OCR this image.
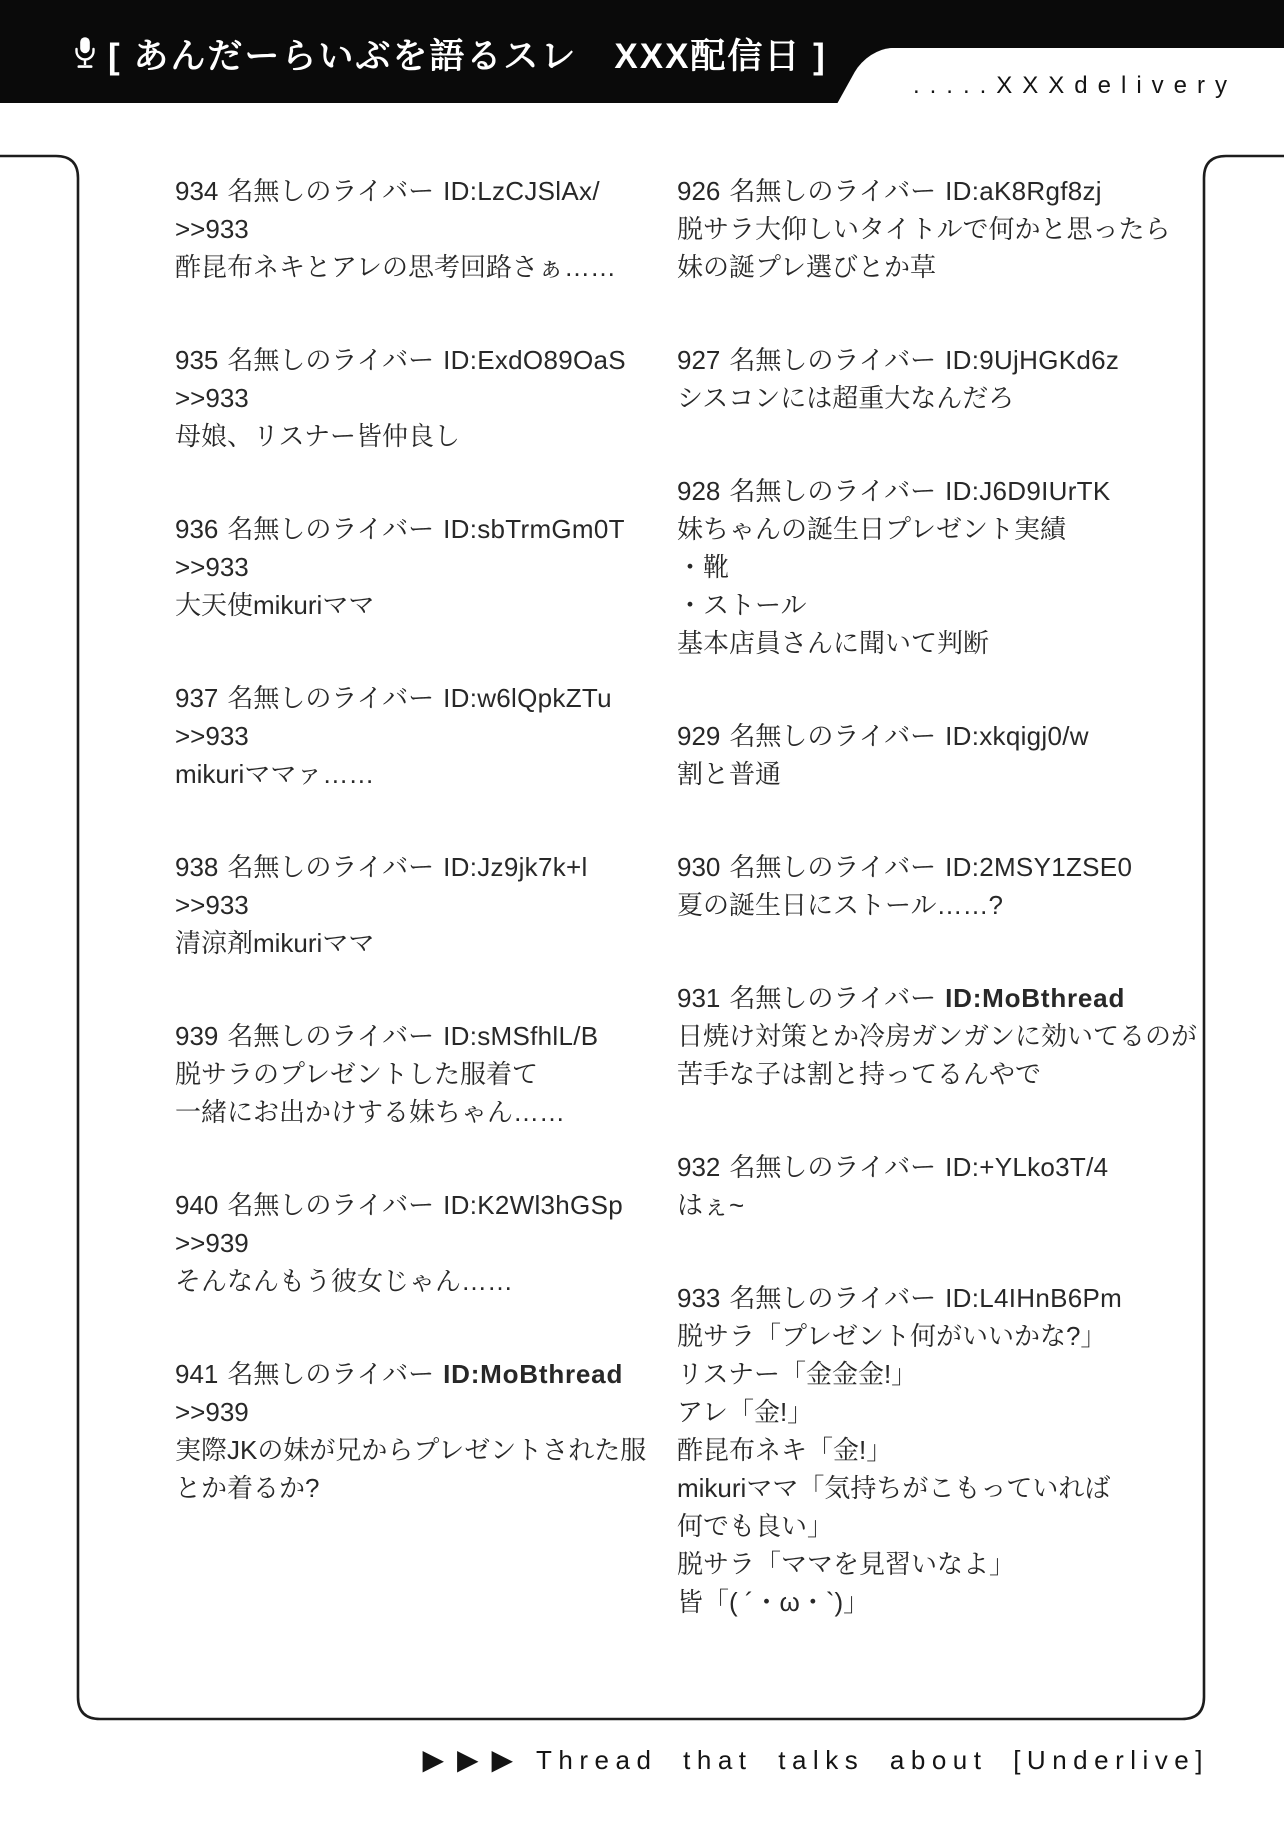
[ あんだーらいぶを語るスレ　XXX配信日 ]
.....XXXdelivery
934 名無しのライバー ID:LzCJSlAx/
>>933
酢昆布ネキとアレの思考回路さぁ……
935 名無しのライバー ID:ExdO89OaS
>>933
母娘、リスナー皆仲良し
936 名無しのライバー ID:sbTrmGm0T
>>933
大天使mikuriママ
937 名無しのライバー ID:w6lQpkZTu
>>933
mikuriママァ……
938 名無しのライバー ID:Jz9jk7k+l
>>933
清涼剤mikuriママ
939 名無しのライバー ID:sMSfhlL/B
脱サラのプレゼントした服着て
一緒にお出かけする妹ちゃん……
940 名無しのライバー ID:K2Wl3hGSp
>>939
そんなんもう彼女じゃん……
941 名無しのライバー ID:MoBthread
>>939
実際JKの妹が兄からプレゼントされた服
とか着るか?
926 名無しのライバー ID:aK8Rgf8zj
脱サラ大仰しいタイトルで何かと思ったら
妹の誕プレ選びとか草
927 名無しのライバー ID:9UjHGKd6z
シスコンには超重大なんだろ
928 名無しのライバー ID:J6D9IUrTK
妹ちゃんの誕生日プレゼント実績
・靴
・ストール
基本店員さんに聞いて判断
929 名無しのライバー ID:xkqigj0/w
割と普通
930 名無しのライバー ID:2MSY1ZSE0
夏の誕生日にストール……?
931 名無しのライバー ID:MoBthread
日焼け対策とか冷房ガンガンに効いてるのが
苦手な子は割と持ってるんやで
932 名無しのライバー ID:+YLko3T/4
はぇ~
933 名無しのライバー ID:L4IHnB6Pm
脱サラ「プレゼント何がいいかな?」
リスナー「金金金!」
アレ「金!」
酢昆布ネキ「金!」
mikuriママ「気持ちがこもっていれば
何でも良い」
脱サラ「ママを見習いなよ」
皆「( ´・ω・`)」
▶▶▶ Thread that talks about [Underlive]
